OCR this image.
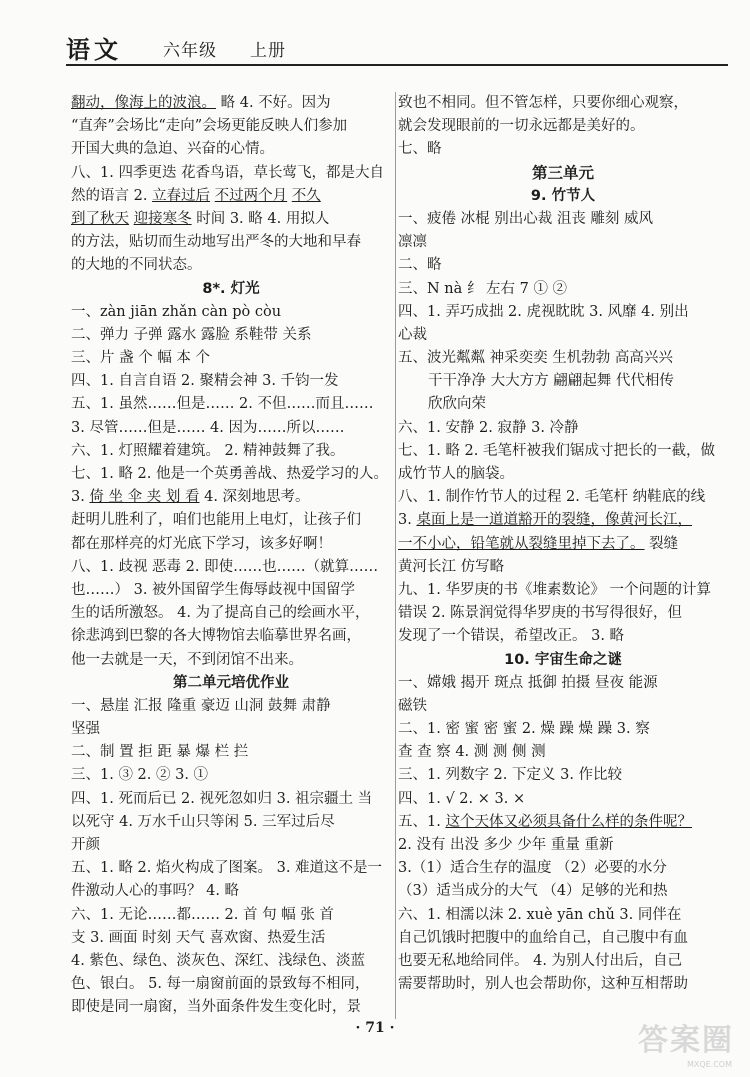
语文 六年级 上册
翻动，像海上的波浪。 略 4. 不好。因为
“直奔”会场比“走向”会场更能反映人们参加
开国大典的急迫、兴奋的心情。
八、1. 四季更迭 花香鸟语，草长莺飞，都是大自
然的语言 2. 立春过后 不过两个月 不久
到了秋天 迎接寒冬 时间 3. 略 4. 用拟人
的方法，贴切而生动地写出严冬的大地和早春
的大地的不同状态。
8*. 灯光
一、zàn jiān zhǎn càn pò còu
二、弹力 子弹 露水 露脸 系鞋带 关系
三、片 盏 个 幅 本 个
四、1. 自言自语 2. 聚精会神 3. 千钧一发
五、1. 虽然……但是…… 2. 不但……而且……
3. 尽管……但是…… 4. 因为……所以……
六、1. 灯照耀着建筑。 2. 精神鼓舞了我。
七、1. 略 2. 他是一个英勇善战、热爱学习的人。
3. 倚 坐 伞 夹 划 看 4. 深刻地思考。
赶明儿胜利了，咱们也能用上电灯，让孩子们
都在那样亮的灯光底下学习，该多好啊！
八、1. 歧视 恶毒 2. 即使……也……（就算……
也……） 3. 被外国留学生侮辱歧视中国留学
生的话所激怒。 4. 为了提高自己的绘画水平，
徐悲鸿到巴黎的各大博物馆去临摹世界名画，
他一去就是一天，不到闭馆不出来。
第二单元培优作业
一、悬崖 汇报 隆重 豪迈 山洞 鼓舞 肃静
坚强
二、制 置 拒 距 暴 爆 栏 拦
三、1. ③ 2. ② 3. ①
四、1. 死而后已 2. 视死忽如归 3. 祖宗疆土 当
以死守 4. 万水千山只等闲 5. 三军过后尽
开颜
五、1. 略 2. 焰火构成了图案。 3. 难道这不是一
件激动人心的事吗？ 4. 略
六、1. 无论……都…… 2. 首 句 幅 张 首
支 3. 画面 时刻 天气 喜欢窗、热爱生活
4. 紫色、绿色、淡灰色、深红、浅绿色、淡蓝
色、银白。 5. 每一扇窗前面的景致每不相同，
即使是同一扇窗，当外面条件发生变化时，景
致也不相同。但不管怎样，只要你细心观察，
就会发现眼前的一切永远都是美好的。
七、略
第三单元
9. 竹节人
一、疲倦 冰棍 别出心裁 沮丧 雕刻 威风
凛凛
二、略
三、N nà 纟 左右 7 ① ②
四、1. 弄巧成拙 2. 虎视眈眈 3. 风靡 4. 别出
心裁
五、波光粼粼 神采奕奕 生机勃勃 高高兴兴
干干净净 大大方方 翩翩起舞 代代相传
欣欣向荣
六、1. 安静 2. 寂静 3. 冷静
七、1. 略 2. 毛笔杆被我们锯成寸把长的一截，做
成竹节人的脑袋。
八、1. 制作竹节人的过程 2. 毛笔杆 纳鞋底的线
3. 桌面上是一道道豁开的裂缝，像黄河长江，
一不小心，铅笔就从裂缝里掉下去了。 裂缝
黄河长江 仿写略
九、1. 华罗庚的书《堆素数论》 一个问题的计算
错误 2. 陈景润觉得华罗庚的书写得很好，但
发现了一个错误，希望改正。 3. 略
10. 宇宙生命之谜
一、嫦娥 揭开 斑点 抵御 拍摄 昼夜 能源
磁铁
二、1. 密 蜜 密 蜜 2. 燥 躁 燥 躁 3. 察
查 查 察 4. 测 测 侧 测
三、1. 列数字 2. 下定义 3. 作比较
四、1. √ 2. × 3. ×
五、1. 这个天体又必须具备什么样的条件呢？
2. 没有 出没 多少 少年 重量 重新
3.（1）适合生存的温度 （2）必要的水分
（3）适当成分的大气 （4）足够的光和热
六、1. 相濡以沫 2. xuè yān chǔ 3. 同伴在
自己饥饿时把腹中的血给自己，自己腹中有血
也要无私地给同伴。 4. 为别人付出后，自己
需要帮助时，别人也会帮助你，这种互相帮助
· 71 ·	答案圈
MXQE.COM
